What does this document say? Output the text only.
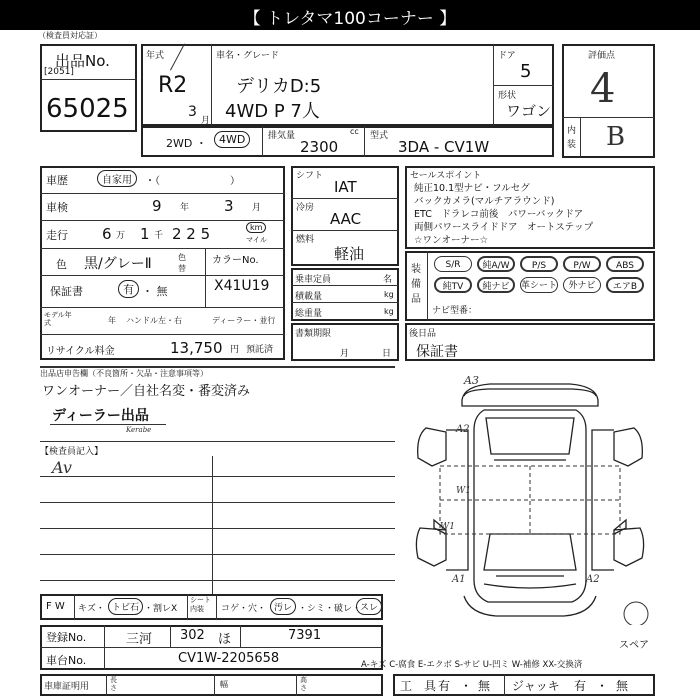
【 トレタマ100コーナー 】
（検査員対応証）
出品No.
[2051]
65025
年式
R2
3
月
車名・グレード
デリカD:5
4WD P 7人
ドア
5
形状
ワゴン
評価点
4
内装 B
2WD ・	4WD	排気量	cc
2300
型式
3DA - CV1W
車歴	自家用	・（　　　　　　　）
車検	9 年 3 月
走行 6 万 1 千 2 2 5	km
マイル
色 黒/グレーⅡ	色替
カラーNo.
X41U19
保証書	有 ・ 無
モデル年式	年 ハンドル 左・右	ディーラー・並行
リサイクル料金	13,750 円 預託済
シフト
IAT
冷房
AAC
燃料
軽油
乗車定員	名
積載量	kg
総重量	kg
書類期限
月	日
セールスポイント
純正10.1型ナビ・フルセグ
バックカメラ(マルチアラウンド)
ETC　ドラレコ前後　パワーバックドア
両側パワースライドドア　オートステップ
☆ワンオーナー☆
装備品
S/R	純A/W	P/S	P/W	ABS
純TV	純ナビ	革シート	外ナビ	エアB
ナビ型番：
後日品
保証書
出品店申告欄（不良箇所・欠品・注意事項等）
ワンオーナー／自社名変・番変済み
ディーラー出品
Kerabe
【検査員記入】
Av
A3
A2
W1
W1
A1	A2
スペア
F W キズ・ トビ石 ・割レX
シート内装	コゲ・穴・ 汚レ ・シミ・破レ・
スレ
登録No.	三河 302 ほ	7391
車台No.	CV1W-2205658
車庫証明用
長さ	幅	高さ
A-キズ C-腐食 E-エクボ S-サビ U-凹ミ W-補修 XX-交換済
工　具 有 ・ 無 ジャッキ 有 ・ 無
